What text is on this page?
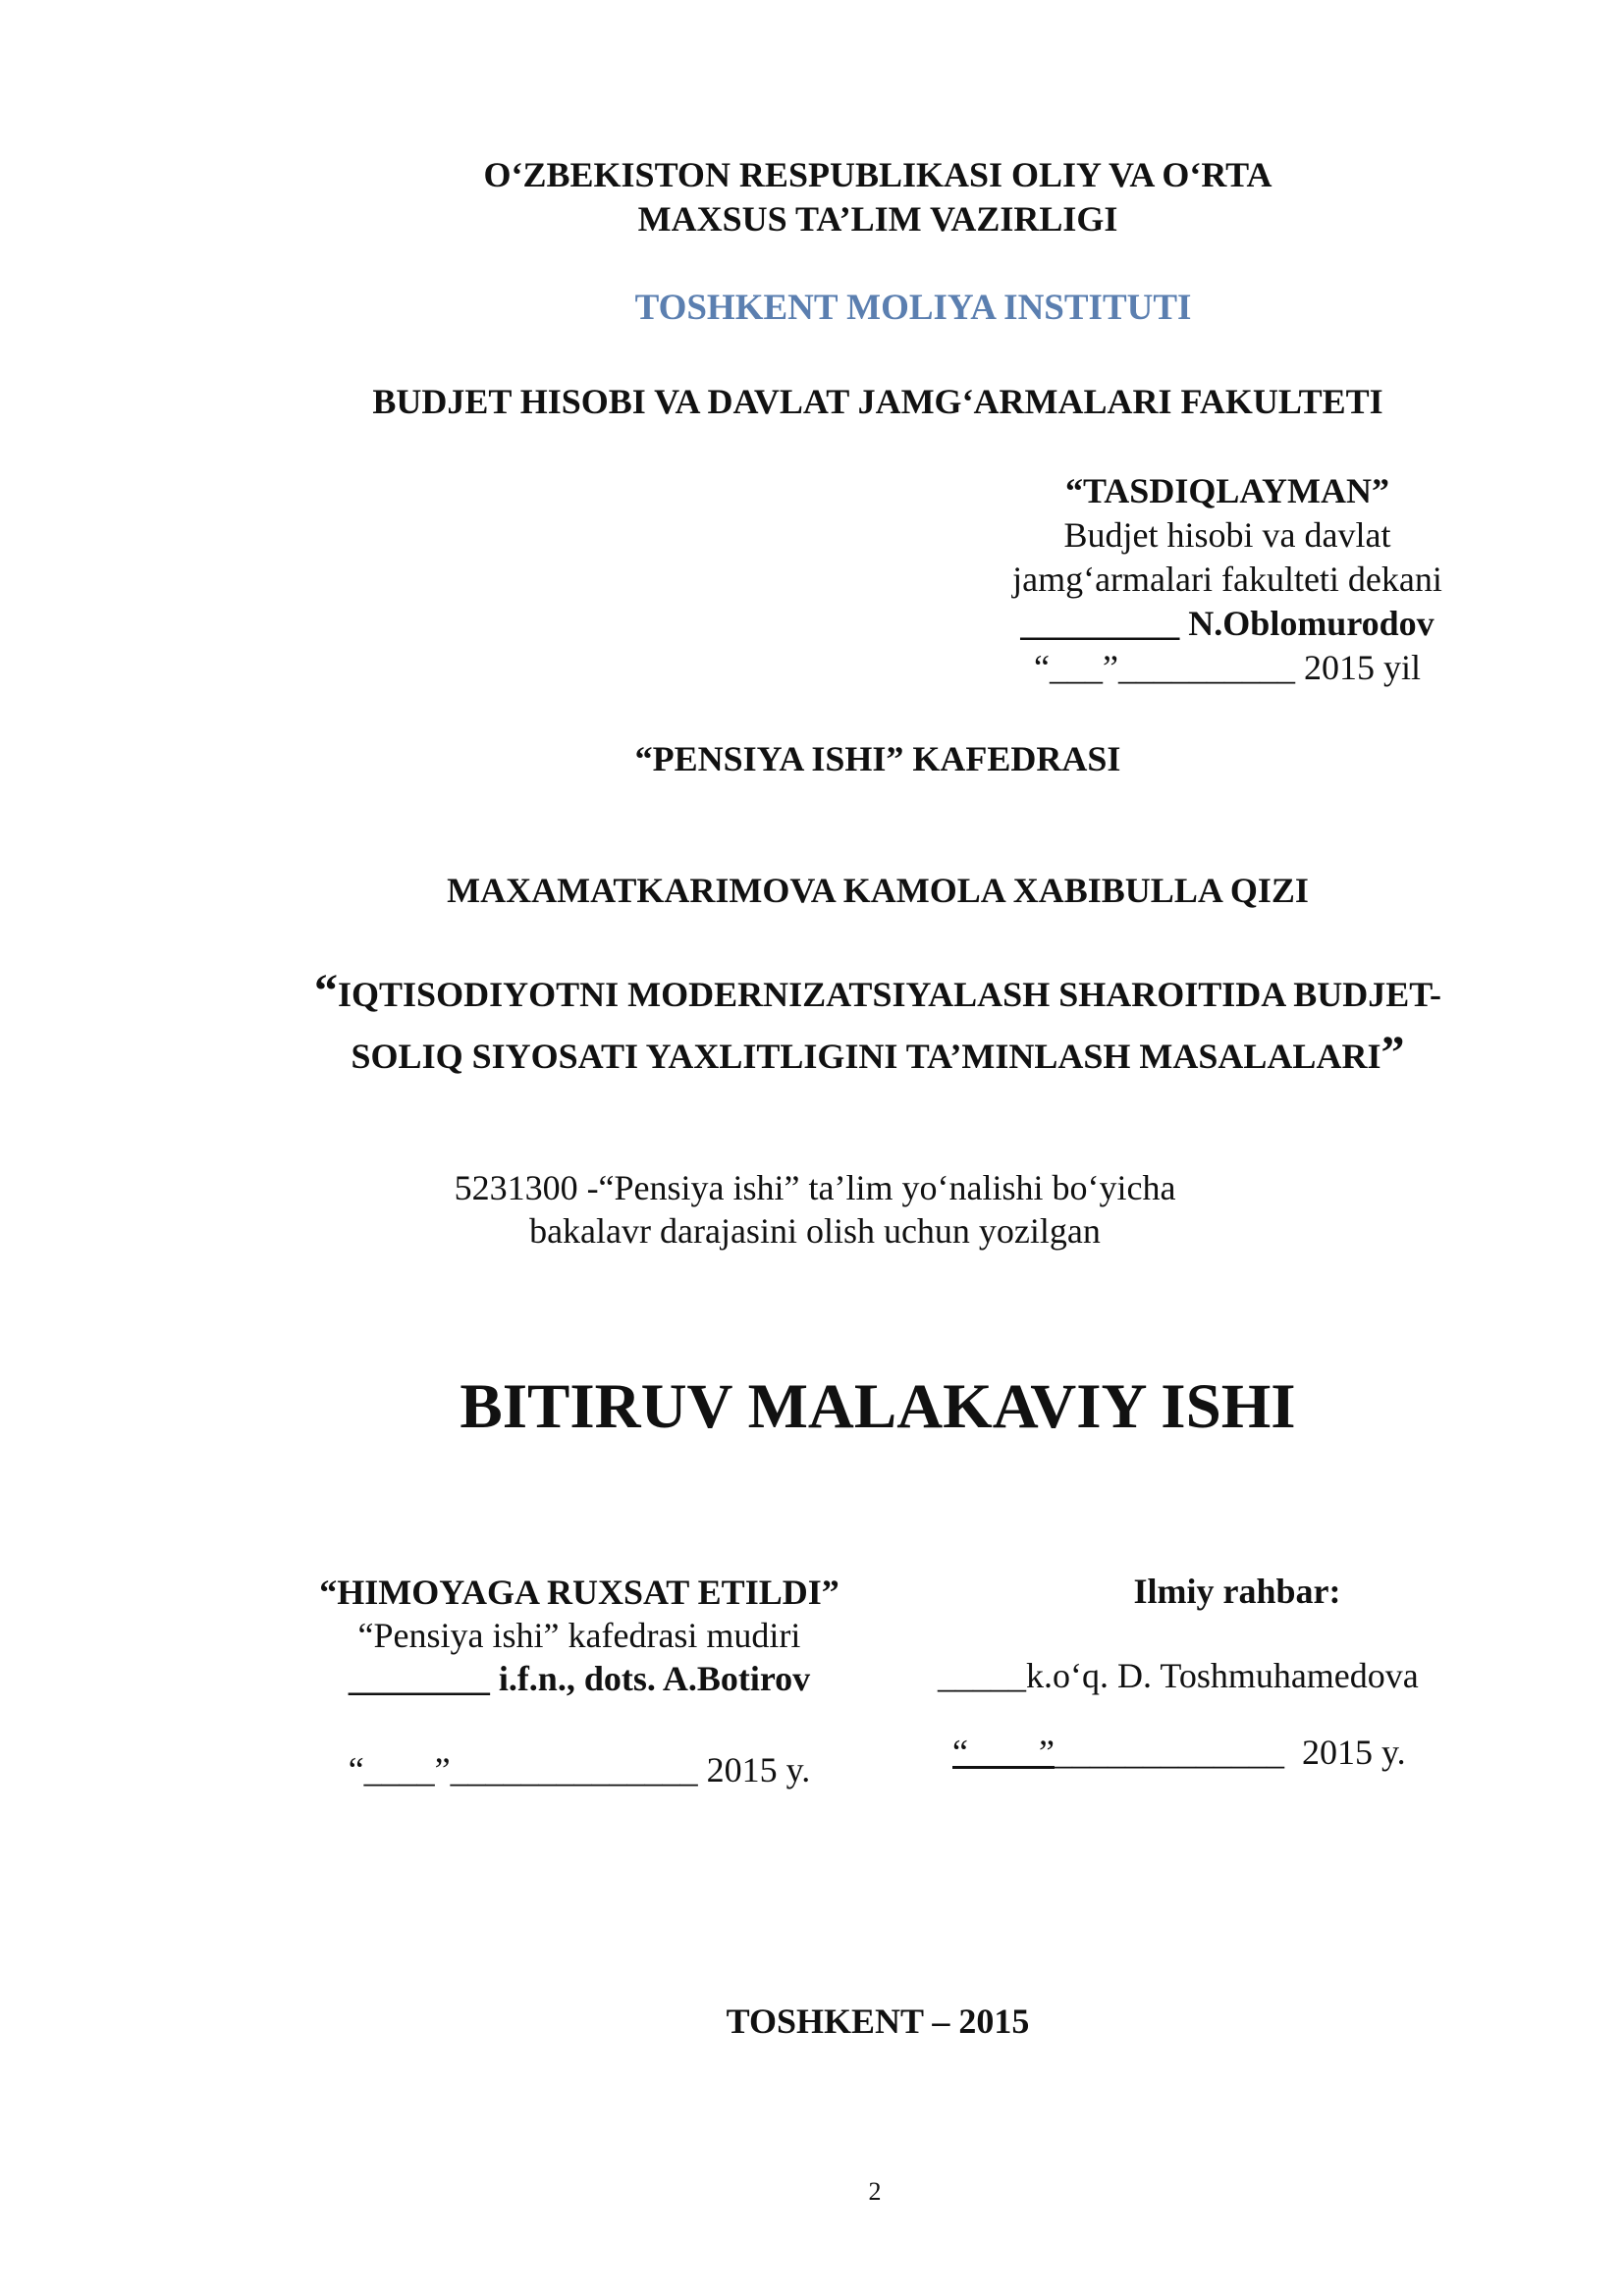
O‘ZBEKISTON RESPUBLIKASI OLIY VA O‘RTA
MAXSUS TA’LIM VAZIRLIGI
TOSHKENT MOLIYA INSTITUTI
BUDJET HISOBI VA DAVLAT JAMG‘ARMALARI FAKULTETI
“TASDIQLAYMAN”
Budjet hisobi va davlat
jamg‘armalari fakulteti dekani
_________ N.Oblomurodov
“___”__________ 2015 yil
“PENSIYA ISHI” KAFEDRASI
MAXAMATKARIMOVA KAMOLA XABIBULLA QIZI
“IQTISODIYOTNI MODERNIZATSIYALASH SHAROITIDA BUDJET-
SOLIQ SIYOSATI YAXLITLIGINI TA’MINLASH MASALALARI”
5231300 -“Pensiya ishi” ta’lim yo‘nalishi bo‘yicha
bakalavr darajasini olish uchun yozilgan
BITIRUV MALAKAVIY ISHI
“HIMOYAGA RUXSAT ETILDI”
“Pensiya ishi” kafedrasi mudiri
________ i.f.n., dots. A.Botirov
“____”______________ 2015 y.
Ilmiy rahbar:
_____k.o‘q. D. Toshmuhamedova
“____”_____________ 2015 y.
TOSHKENT – 2015
2
